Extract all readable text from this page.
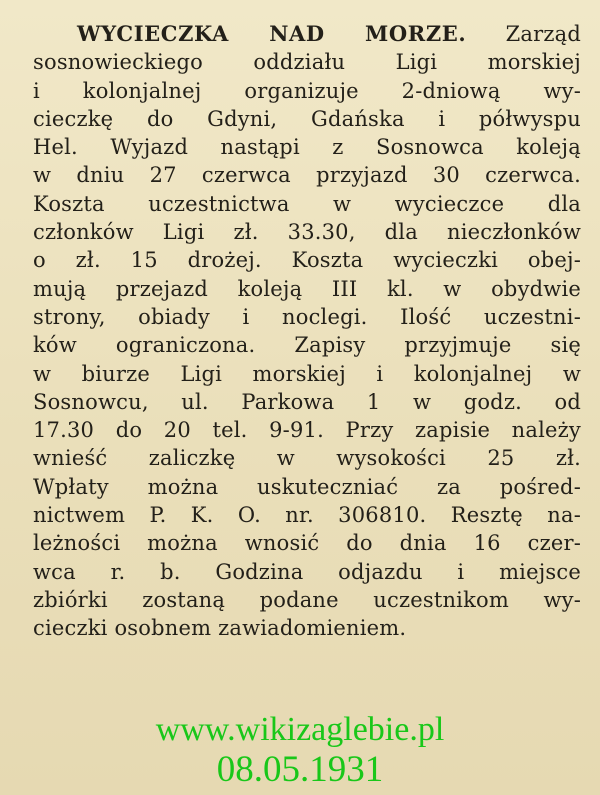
WYCIECZKA NAD MORZE. Zarząd
sosnowieckiego oddziału Ligi morskiej
i kolonjalnej organizuje 2-dniową wy-
cieczkę do Gdyni, Gdańska i półwyspu
Hel. Wyjazd nastąpi z Sosnowca koleją
w dniu 27 czerwca przyjazd 30 czerwca.
Koszta uczestnictwa w wycieczce dla
członków Ligi zł. 33.30, dla nieczłonków
o zł. 15 drożej. Koszta wycieczki obej-
mują przejazd koleją III kl. w obydwie
strony, obiady i noclegi. Ilość uczestni-
ków ograniczona. Zapisy przyjmuje się
w biurze Ligi morskiej i kolonjalnej w
Sosnowcu, ul. Parkowa 1 w godz. od
17.30 do 20 tel. 9-91. Przy zapisie należy
wnieść zaliczkę w wysokości 25 zł.
Wpłaty można uskuteczniać za pośred-
nictwem P. K. O. nr. 306810. Resztę na-
leżności można wnosić do dnia 16 czer-
wca r. b. Godzina odjazdu i miejsce
zbiórki zostaną podane uczestnikom wy-
cieczki osobnem zawiadomieniem.
www.wikizaglebie.pl
08.05.1931
